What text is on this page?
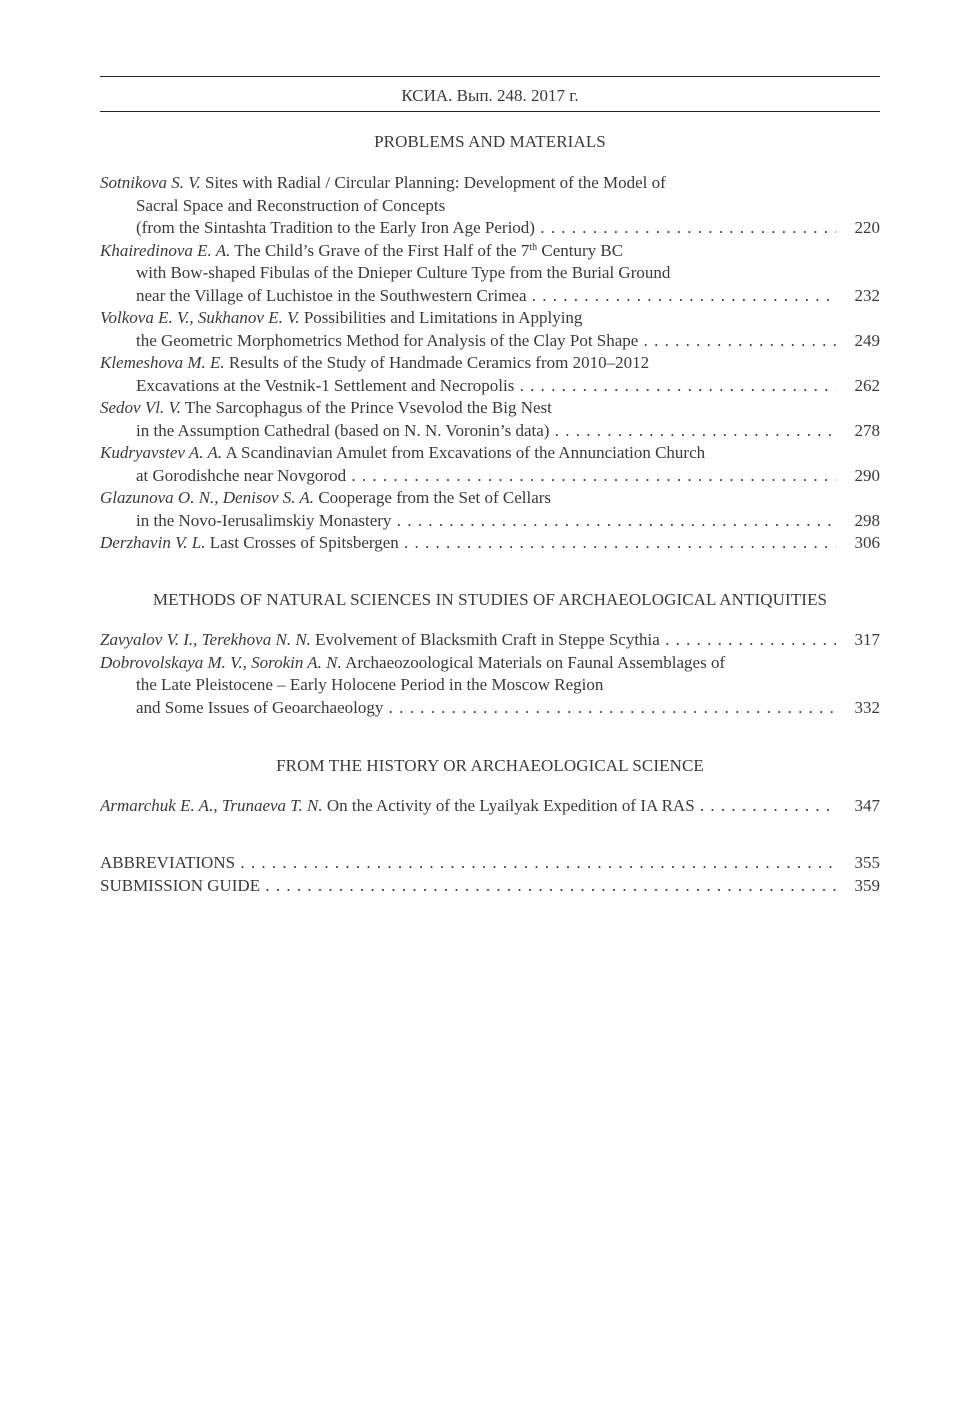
КСИА. Вып. 248. 2017 г.
PROBLEMS AND MATERIALS
Sotnikova S. V. Sites with Radial / Circular Planning: Development of the Model of
Sacral Space and Reconstruction of Concepts
(from the Sintashta Tradition to the Early Iron Age Period)	220
. . .
Khairedinova E. A. The Child’s Grave of the First Half of the 7th Century BC
with Bow-shaped Fibulas of the Dnieper Culture Type from the Burial Ground
near the Village of Luchistoe in the Southwestern Crimea	232
. . .
Volkova E. V., Sukhanov E. V. Possibilities and Limitations in Applying
the Geometric Morphometrics Method for Analysis of the Clay Pot Shape	249
. . .
Klemeshova M. E. Results of the Study of Handmade Ceramics from 2010–2012
Excavations at the Vestnik-1 Settlement and Necropolis	262
. . .
Sedov Vl. V. The Sarcophagus of the Prince Vsevolod the Big Nest
in the Assumption Cathedral (based on N. N. Voronin’s data)	278
. . .
Kudryavstev A. A. A Scandinavian Amulet from Excavations of the Annunciation Church
at Gorodishche near Novgorod	290
. . .
Glazunova O. N., Denisov S. A. Cooperage from the Set of Cellars
in the Novo-Ierusalimskiy Monastery	298
. . .
Derzhavin V. L. Last Crosses of Spitsbergen	306
. . .
METHODS OF NATURAL SCIENCES IN STUDIES OF ARCHAEOLOGICAL ANTIQUITIES
Zavyalov V. I., Terekhova N. N. Evolvement of Blacksmith Craft in Steppe Scythia	317
. . .
Dobrovolskaya M. V., Sorokin A. N. Archaeozoological Materials on Faunal Assemblages of
the Late Pleistocene – Early Holocene Period in the Moscow Region
and Some Issues of Geoarchaeology	332
. . .
FROM THE HISTORY OR ARCHAEOLOGICAL SCIENCE
Armarchuk E. A., Trunaeva T. N. On the Activity of the Lyailyak Expedition of IA RAS	347
. . .
ABBREVIATIONS	355
. . .
SUBMISSION GUIDE	359
. . .
